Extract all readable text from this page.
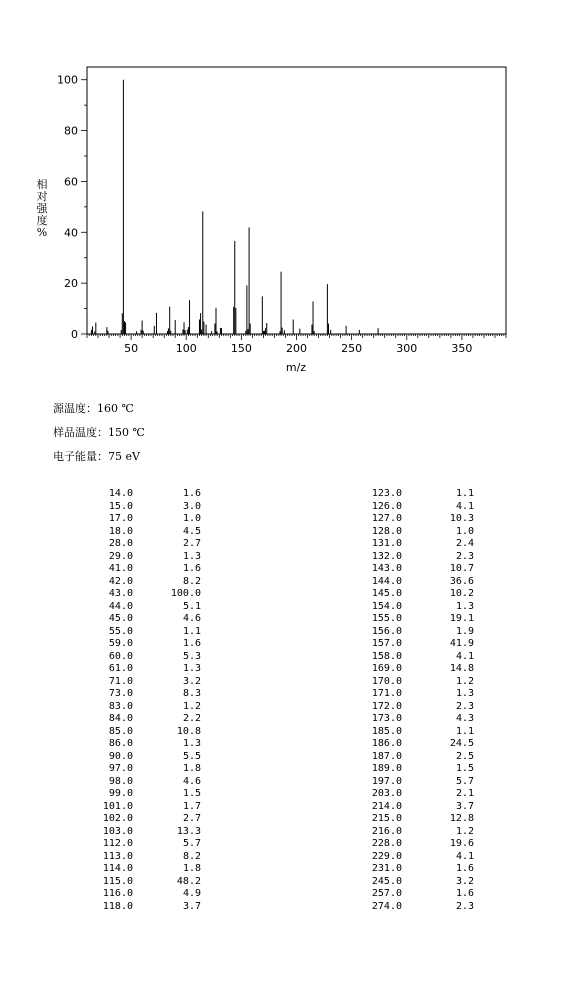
50	100	150	200	250	300	350
0
20
40
60
80
100
m/z
相
对
强
度
%
源温度：160 ℃
样品温度：150 ℃
电子能量：75 eV
14.0	1.6
15.0	3.0
17.0	1.0
18.0	4.5
28.0	2.7
29.0	1.3
41.0	1.6
42.0	8.2
43.0	100.0
44.0	5.1
45.0	4.6
55.0	1.1
59.0	1.6
60.0	5.3
61.0	1.3
71.0	3.2
73.0	8.3
83.0	1.2
84.0	2.2
85.0	10.8
86.0	1.3
90.0	5.5
97.0	1.8
98.0	4.6
99.0	1.5
101.0	1.7
102.0	2.7
103.0	13.3
112.0	5.7
113.0	8.2
114.0	1.8
115.0	48.2
116.0	4.9
118.0	3.7
123.0	1.1
126.0	4.1
127.0	10.3
128.0	1.0
131.0	2.4
132.0	2.3
143.0	10.7
144.0	36.6
145.0	10.2
154.0	1.3
155.0	19.1
156.0	1.9
157.0	41.9
158.0	4.1
169.0	14.8
170.0	1.2
171.0	1.3
172.0	2.3
173.0	4.3
185.0	1.1
186.0	24.5
187.0	2.5
189.0	1.5
197.0	5.7
203.0	2.1
214.0	3.7
215.0	12.8
216.0	1.2
228.0	19.6
229.0	4.1
231.0	1.6
245.0	3.2
257.0	1.6
274.0	2.3
